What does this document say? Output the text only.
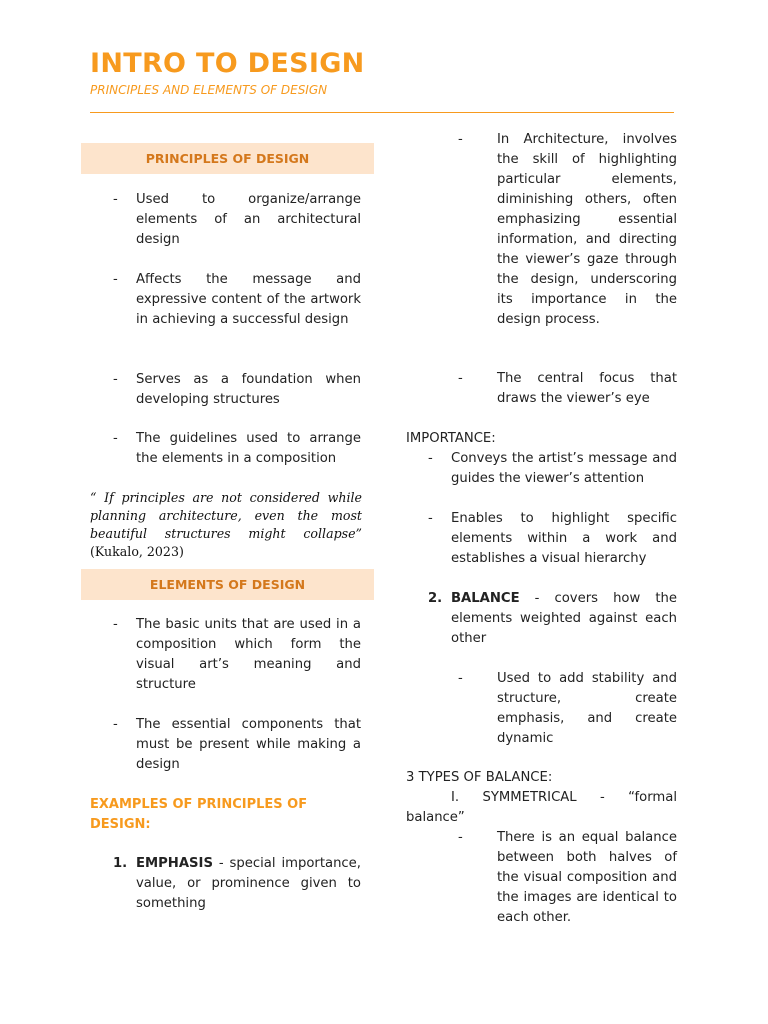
INTRO TO DESIGN

PRINCIPLES AND ELEMENTS OF DESIGN

PRINCIPLES OF DESIGN
- Used to organize/arrange elements of an architectural design
- Affects the message and expressive content of the artwork in achieving a successful design
- Serves as a foundation when developing structures
- The guidelines used to arrange the elements in a composition
“ If principles are not considered while planning architecture, even the most beautiful structures might collapse” (Kukalo, 2023)
ELEMENTS OF DESIGN
- The basic units that are used in a composition which form the visual art’s meaning and structure
- The essential components that must be present while making a design
EXAMPLES OF PRINCIPLES OF DESIGN:
1. EMPHASIS - special importance, value, or prominence given to something
-	In Architecture, involves the skill of highlighting particular elements, diminishing others, often emphasizing essential information, and directing the viewer’s gaze through the design, underscoring its importance in the design process.
-	The central focus that draws the viewer’s eye
IMPORTANCE:
- Conveys the artist’s message and guides the viewer’s attention
- Enables to highlight specific elements within a work and establishes a visual hierarchy
2. BALANCE - covers how the elements weighted against each other
-	Used to add stability and structure, create emphasis, and create dynamic
3 TYPES OF BALANCE:
I. SYMMETRICAL - “formal balance”
-	There is an equal balance between both halves of the visual composition and the images are identical to each other.
